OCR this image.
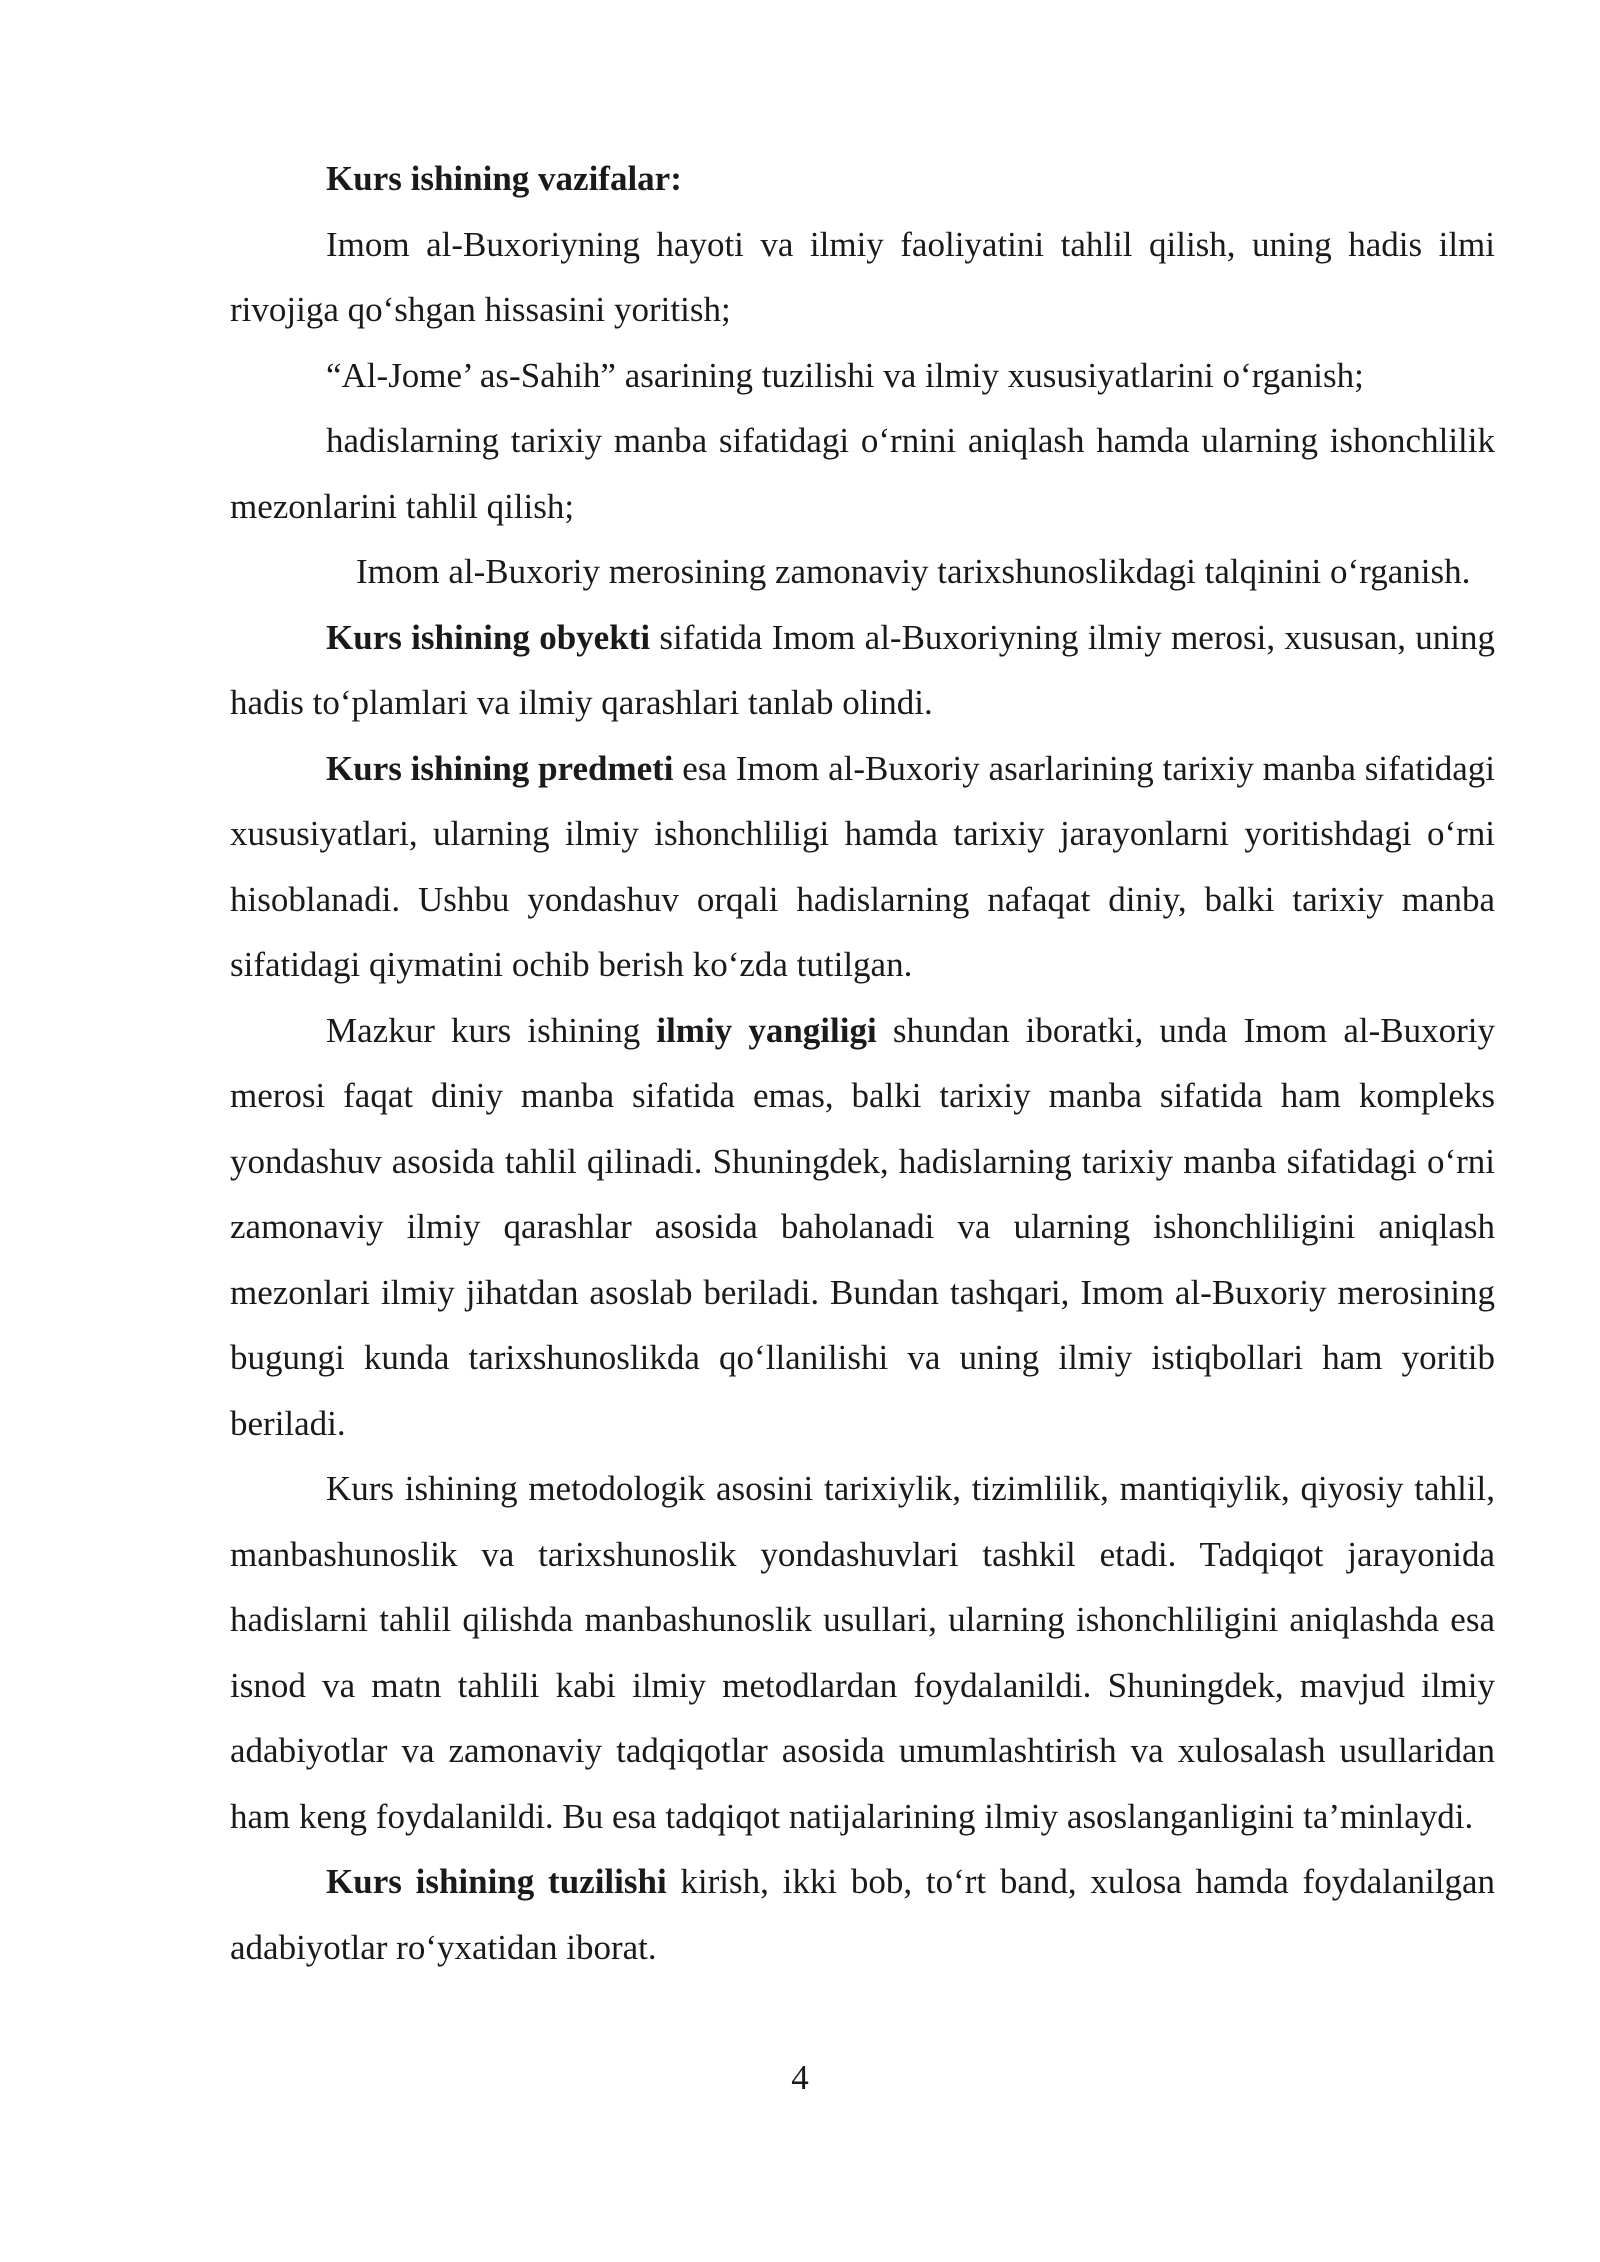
Kurs ishining vazifalar:

Imom al-Buxoriyning hayoti va ilmiy faoliyatini tahlil qilish, uning hadis ilmi rivojiga qo‘shgan hissasini yoritish;

“Al-Jome’ as-Sahih” asarining tuzilishi va ilmiy xususiyatlarini o‘rganish;

hadislarning tarixiy manba sifatidagi o‘rnini aniqlash hamda ularning ishonchlilik mezonlarini tahlil qilish;

Imom al-Buxoriy merosining zamonaviy tarixshunoslikdagi talqinini o‘rganish.

Kurs ishining obyekti sifatida Imom al-Buxoriyning ilmiy merosi, xususan, uning hadis to‘plamlari va ilmiy qarashlari tanlab olindi.

Kurs ishining predmeti esa Imom al-Buxoriy asarlarining tarixiy manba sifatidagi xususiyatlari, ularning ilmiy ishonchliligi hamda tarixiy jarayonlarni yoritishdagi o‘rni hisoblanadi. Ushbu yondashuv orqali hadislarning nafaqat diniy, balki tarixiy manba sifatidagi qiymatini ochib berish ko‘zda tutilgan.

Mazkur kurs ishining ilmiy yangiligi shundan iboratki, unda Imom al-Buxoriy merosi faqat diniy manba sifatida emas, balki tarixiy manba sifatida ham kompleks yondashuv asosida tahlil qilinadi. Shuningdek, hadislarning tarixiy manba sifatidagi o‘rni zamonaviy ilmiy qarashlar asosida baholanadi va ularning ishonchliligini aniqlash mezonlari ilmiy jihatdan asoslab beriladi. Bundan tashqari, Imom al-Buxoriy merosining bugungi kunda tarixshunoslikda qo‘llanilishi va uning ilmiy istiqbollari ham yoritib beriladi.

Kurs ishining metodologik asosini tarixiylik, tizimlilik, mantiqiylik, qiyosiy tahlil, manbashunoslik va tarixshunoslik yondashuvlari tashkil etadi. Tadqiqot jarayonida hadislarni tahlil qilishda manbashunoslik usullari, ularning ishonchliligini aniqlashda esa isnod va matn tahlili kabi ilmiy metodlardan foydalanildi. Shuningdek, mavjud ilmiy adabiyotlar va zamonaviy tadqiqotlar asosida umumlashtirish va xulosalash usullaridan ham keng foydalanildi. Bu esa tadqiqot natijalarining ilmiy asoslanganligini ta’minlaydi.

Kurs ishining tuzilishi kirish, ikki bob, to‘rt band, xulosa hamda foydalanilgan adabiyotlar ro‘yxatidan iborat.

4
